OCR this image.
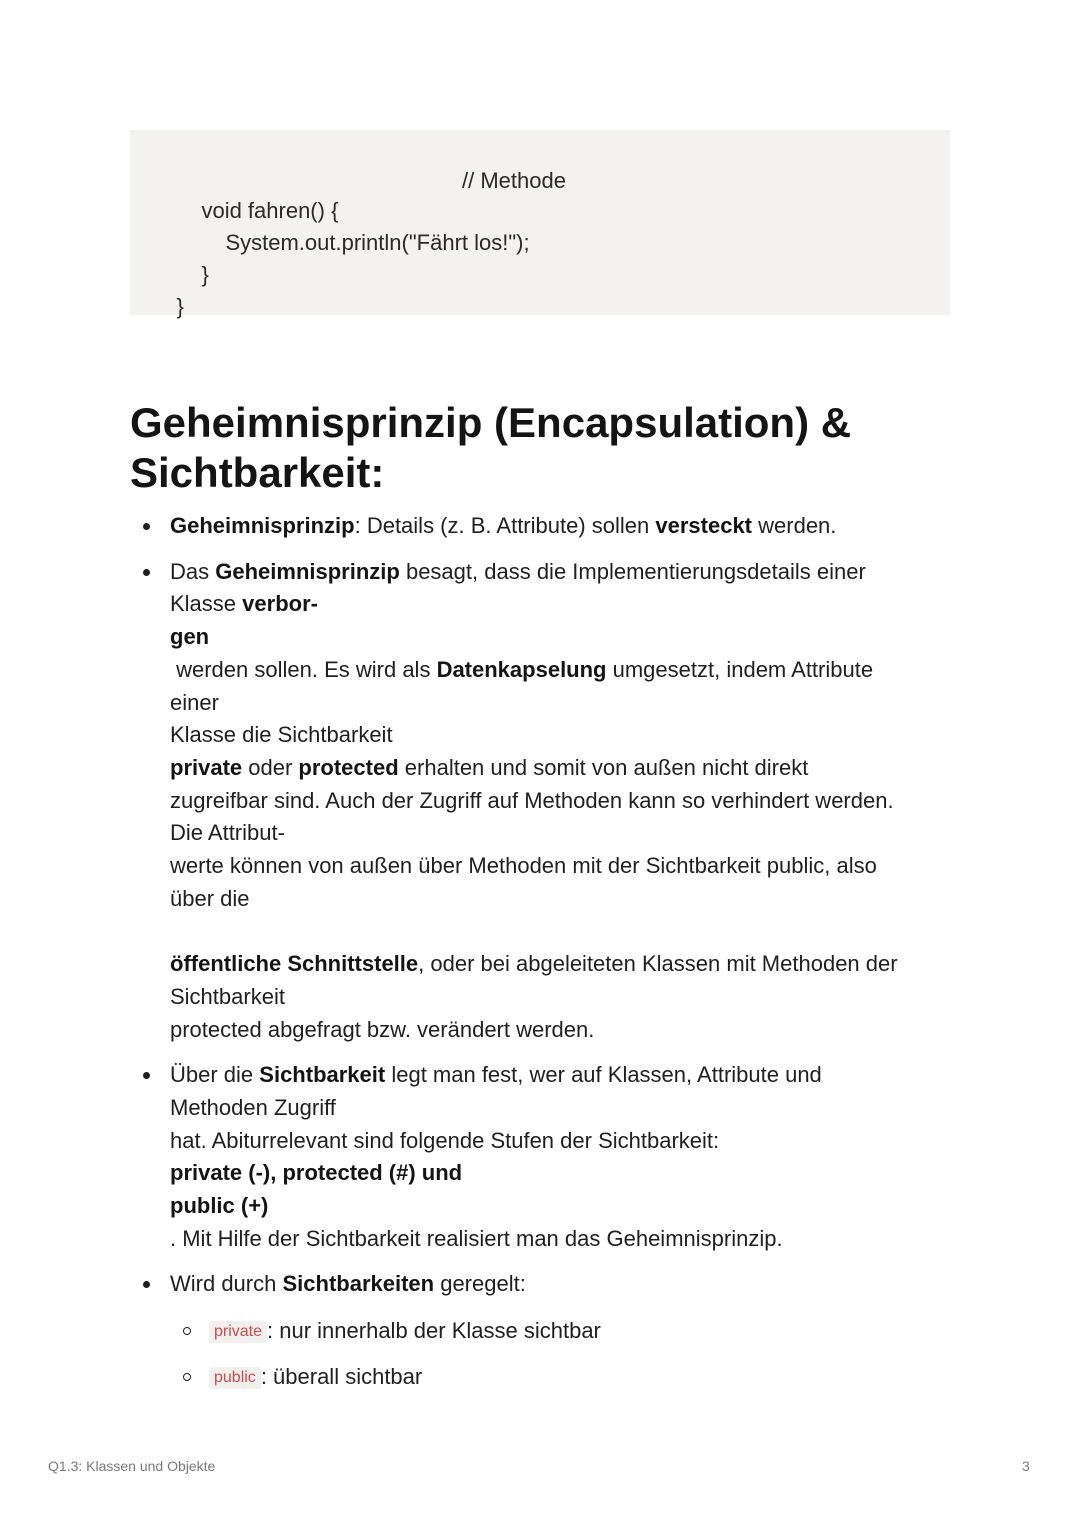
void fahren() {

// Methode

System.out.println("Fährt los!");

}

}

Geheimnisprinzip (Encapsulation) &
Sichtbarkeit:
Geheimnisprinzip: Details (z. B. Attribute) sollen versteckt werden.
Das Geheimnisprinzip besagt, dass die Implementierungsdetails einer
Klasse verbor-
gen
werden sollen. Es wird als Datenkapselung umgesetzt, indem Attribute
einer
Klasse die Sichtbarkeit
private oder protected erhalten und somit von außen nicht direkt
zugreifbar sind. Auch der Zugriff auf Methoden kann so verhindert werden.
Die Attribut-
werte können von außen über Methoden mit der Sichtbarkeit public, also
über die
öffentliche Schnittstelle, oder bei abgeleiteten Klassen mit Methoden der
Sichtbarkeit
protected abgefragt bzw. verändert werden.
Über die Sichtbarkeit legt man fest, wer auf Klassen, Attribute und
Methoden Zugriff
hat. Abiturrelevant sind folgende Stufen der Sichtbarkeit:
private (-), protected (#) und
public (+)
. Mit Hilfe der Sichtbarkeit realisiert man das Geheimnisprinzip.
Wird durch Sichtbarkeiten geregelt:
private : nur innerhalb der Klasse sichtbar
public : überall sichtbar
Q1.3: Klassen und Objekte	3
